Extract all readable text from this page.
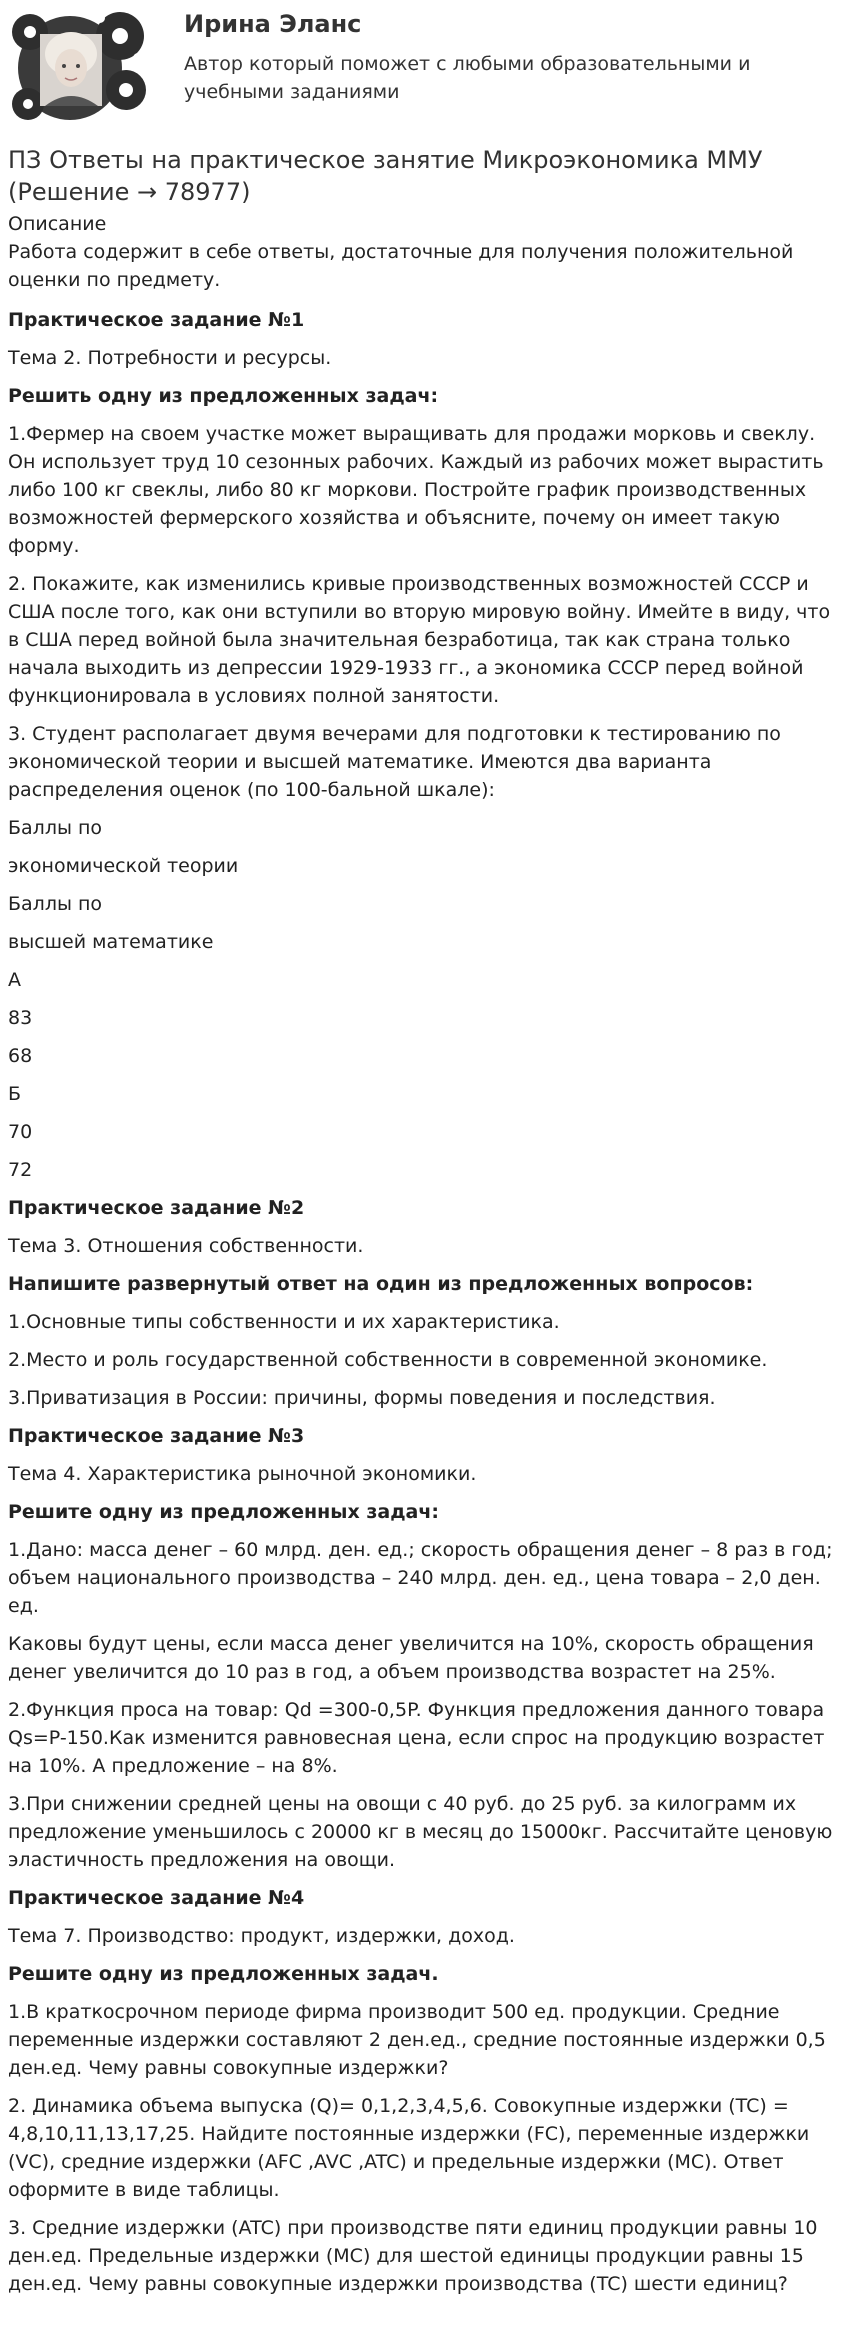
Ирина Эланс
Автор который поможет с любыми образовательными и учебными заданиями
ПЗ Ответы на практическое занятие Микроэкономика ММУ (Решение → 78977)
Описание
Работа содержит в себе ответы, достаточные для получения положительной оценки по предмету.
Практическое задание №1
Тема 2. Потребности и ресурсы.
Решить одну из предложенных задач:
1.Фермер на своем участке может выращивать для продажи морковь и свеклу. Он использует труд 10 сезонных рабочих. Каждый из рабочих может вырастить либо 100 кг свеклы, либо 80 кг моркови. Постройте график производственных возможностей фермерского хозяйства и объясните, почему он имеет такую форму.
2. Покажите, как изменились кривые производственных возможностей СССР и США после того, как они вступили во вторую мировую войну. Имейте в виду, что в США перед войной была значительная безработица, так как страна только начала выходить из депрессии 1929-1933 гг., а экономика СССР перед войной функционировала в условиях полной занятости.
3. Студент располагает двумя вечерами для подготовки к тестированию по экономической теории и высшей математике. Имеются два варианта распределения оценок (по 100-бальной шкале):
Баллы по
экономической теории
Баллы по
высшей математике
А
83
68
Б
70
72
Практическое задание №2
Тема 3. Отношения собственности.
Напишите развернутый ответ на один из предложенных вопросов:
1.Основные типы собственности и их характеристика.
2.Место и роль государственной собственности в современной экономике.
3.Приватизация в России: причины, формы поведения и последствия.
Практическое задание №3
Тема 4. Характеристика рыночной экономики.
Решите одну из предложенных задач:
1.Дано: масса денег – 60 млрд. ден. ед.; скорость обращения денег – 8 раз в год; объем национального производства – 240 млрд. ден. ед., цена товара – 2,0 ден. ед.
Каковы будут цены, если масса денег увеличится на 10%, скорость обращения денег увеличится до 10 раз в год, а объем производства возрастет на 25%.
2.Функция проса на товар: Qd =300-0,5P. Функция предложения данного товара Qs=P-150.Как изменится равновесная цена, если спрос на продукцию возрастет на 10%. А предложение – на 8%.
3.При снижении средней цены на овощи с 40 руб. до 25 руб. за килограмм их предложение уменьшилось с 20000 кг в месяц до 15000кг. Рассчитайте ценовую эластичность предложения на овощи.
Практическое задание №4
Тема 7. Производство: продукт, издержки, доход.
Решите одну из предложенных задач.
1.В краткосрочном периоде фирма производит 500 ед. продукции. Средние переменные издержки составляют 2 ден.ед., средние постоянные издержки 0,5 ден.ед. Чему равны совокупные издержки?
2. Динамика объема выпуска (Q)= 0,1,2,3,4,5,6. Совокупные издержки (TC) = 4,8,10,11,13,17,25. Найдите постоянные издержки (FC), переменные издержки (VC), средние издержки (AFC ,AVC ,ATC) и предельные издержки (MC). Ответ оформите в виде таблицы.
3. Средние издержки (ATC) при производстве пяти единиц продукции равны 10 ден.ед. Предельные издержки (MC) для шестой единицы продукции равны 15 ден.ед. Чему равны совокупные издержки производства (TC) шести единиц?
